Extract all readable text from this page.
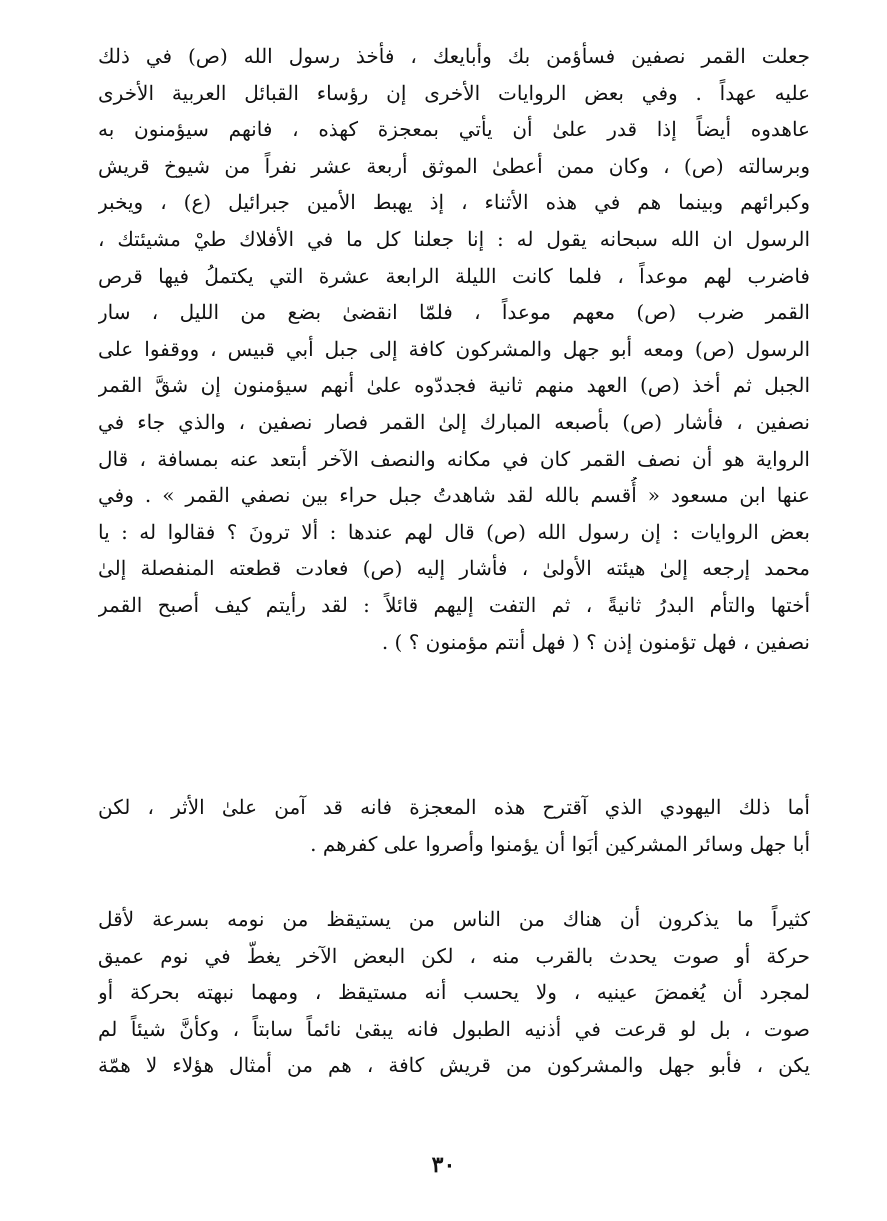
جعلت القمر نصفين فسأؤمن بك وأبايعك ، فأخذ رسول الله (ص) في ذلك
عليه عهداً . وفي بعض الروايات الأخرى إن رؤساء القبائل العربية الأخرى
عاهدوه أيضاً إذا قدر علىٰ أن يأتي بمعجزة كهذه ، فانهم سيؤمنون به
وبرسالته (ص) ، وكان ممن أعطىٰ الموثق أربعة عشر نفراً من شيوخ قريش
وكبرائهم وبينما هم في هذه الأثناء ، إذ يهبط الأمين جبرائيل (ع) ، ويخبر
الرسول ان الله سبحانه يقول له : إنا جعلنا كل ما في الأفلاك طيْ مشيئتك ،
فاضرب لهم موعداً ، فلما كانت الليلة الرابعة عشرة التي يكتملُ فيها قرص
القمر ضرب (ص) معهم موعداً ، فلمّا انقضىٰ بضع من الليل ، سار
الرسول (ص) ومعه أبو جهل والمشركون كافة إلى جبل أبي قبيس ، ووقفوا على
الجبل ثم أخذ (ص) العهد منهم ثانية فجددّوه علىٰ أنهم سيؤمنون إن شقَّ القمر
نصفين ، فأشار (ص) بأصبعه المبارك إلىٰ القمر فصار نصفين ، والذي جاء في
الرواية هو أن نصف القمر كان في مكانه والنصف الآخر أبتعد عنه بمسافة ، قال
عنها ابن مسعود « أُقسم بالله لقد شاهدتُ جبل حراء بين نصفي القمر » . وفي
بعض الروايات : إن رسول الله (ص) قال لهم عندها : ألا ترونَ ؟ فقالوا له : يا
محمد إرجعه إلىٰ هيئته الأولىٰ ، فأشار إليه (ص) فعادت قطعته المنفصلة إلىٰ
أختها والتأم البدرُ ثانيةً ، ثم التفت إليهم قائلاً : لقد رأيتم كيف أصبح القمر
نصفين ، فهل تؤمنون إذن ؟ ( فهل أنتم مؤمنون ؟ ) .
أما ذلك اليهودي الذي آقترح هذه المعجزة فانه قد آمن علىٰ الأثر ، لكن
أبا جهل وسائر المشركين أبَوا أن يؤمنوا وأصروا على كفرهم .
كثيراً ما يذكرون أن هناك من الناس من يستيقظ من نومه بسرعة لأقل
حركة أو صوت يحدث بالقرب منه ، لكن البعض الآخر يغطّ في نوم عميق
لمجرد أن يُغمضَ عينيه ، ولا يحسب أنه مستيقظ ، ومهما نبهته بحركة أو
صوت ، بل لو قرعت في أذنيه الطبول فانه يبقىٰ نائماً سابتاً ، وكأنَّ شيئاً لم
يكن ، فأبو جهل والمشركون من قريش كافة ، هم من أمثال هؤلاء لا همّة
٣٠
